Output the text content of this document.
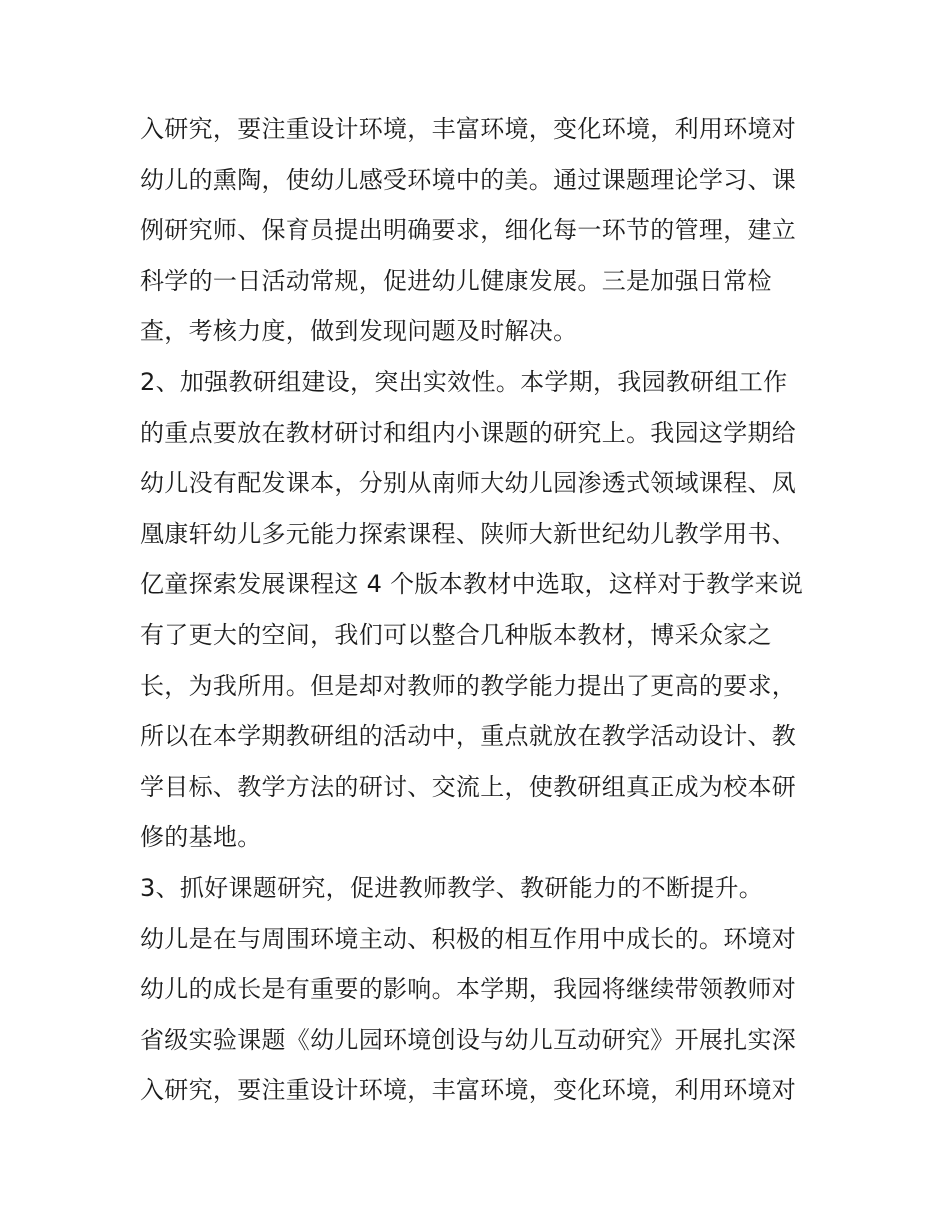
入研究，要注重设计环境，丰富环境，变化环境，利用环境对
幼儿的熏陶，使幼儿感受环境中的美。通过课题理论学习、课
例研究师、保育员提出明确要求，细化每一环节的管理，建立
科学的一日活动常规，促进幼儿健康发展。三是加强日常检
查，考核力度，做到发现问题及时解决。
2、加强教研组建设，突出实效性。本学期，我园教研组工作
的重点要放在教材研讨和组内小课题的研究上。我园这学期给
幼儿没有配发课本，分别从南师大幼儿园渗透式领域课程、凤
凰康轩幼儿多元能力探索课程、陕师大新世纪幼儿教学用书、
亿童探索发展课程这 4 个版本教材中选取，这样对于教学来说
有了更大的空间，我们可以整合几种版本教材，博采众家之
长，为我所用。但是却对教师的教学能力提出了更高的要求，
所以在本学期教研组的活动中，重点就放在教学活动设计、教
学目标、教学方法的研讨、交流上，使教研组真正成为校本研
修的基地。
3、抓好课题研究，促进教师教学、教研能力的不断提升。
幼儿是在与周围环境主动、积极的相互作用中成长的。环境对
幼儿的成长是有重要的影响。本学期，我园将继续带领教师对
省级实验课题《幼儿园环境创设与幼儿互动研究》开展扎实深
入研究，要注重设计环境，丰富环境，变化环境，利用环境对
